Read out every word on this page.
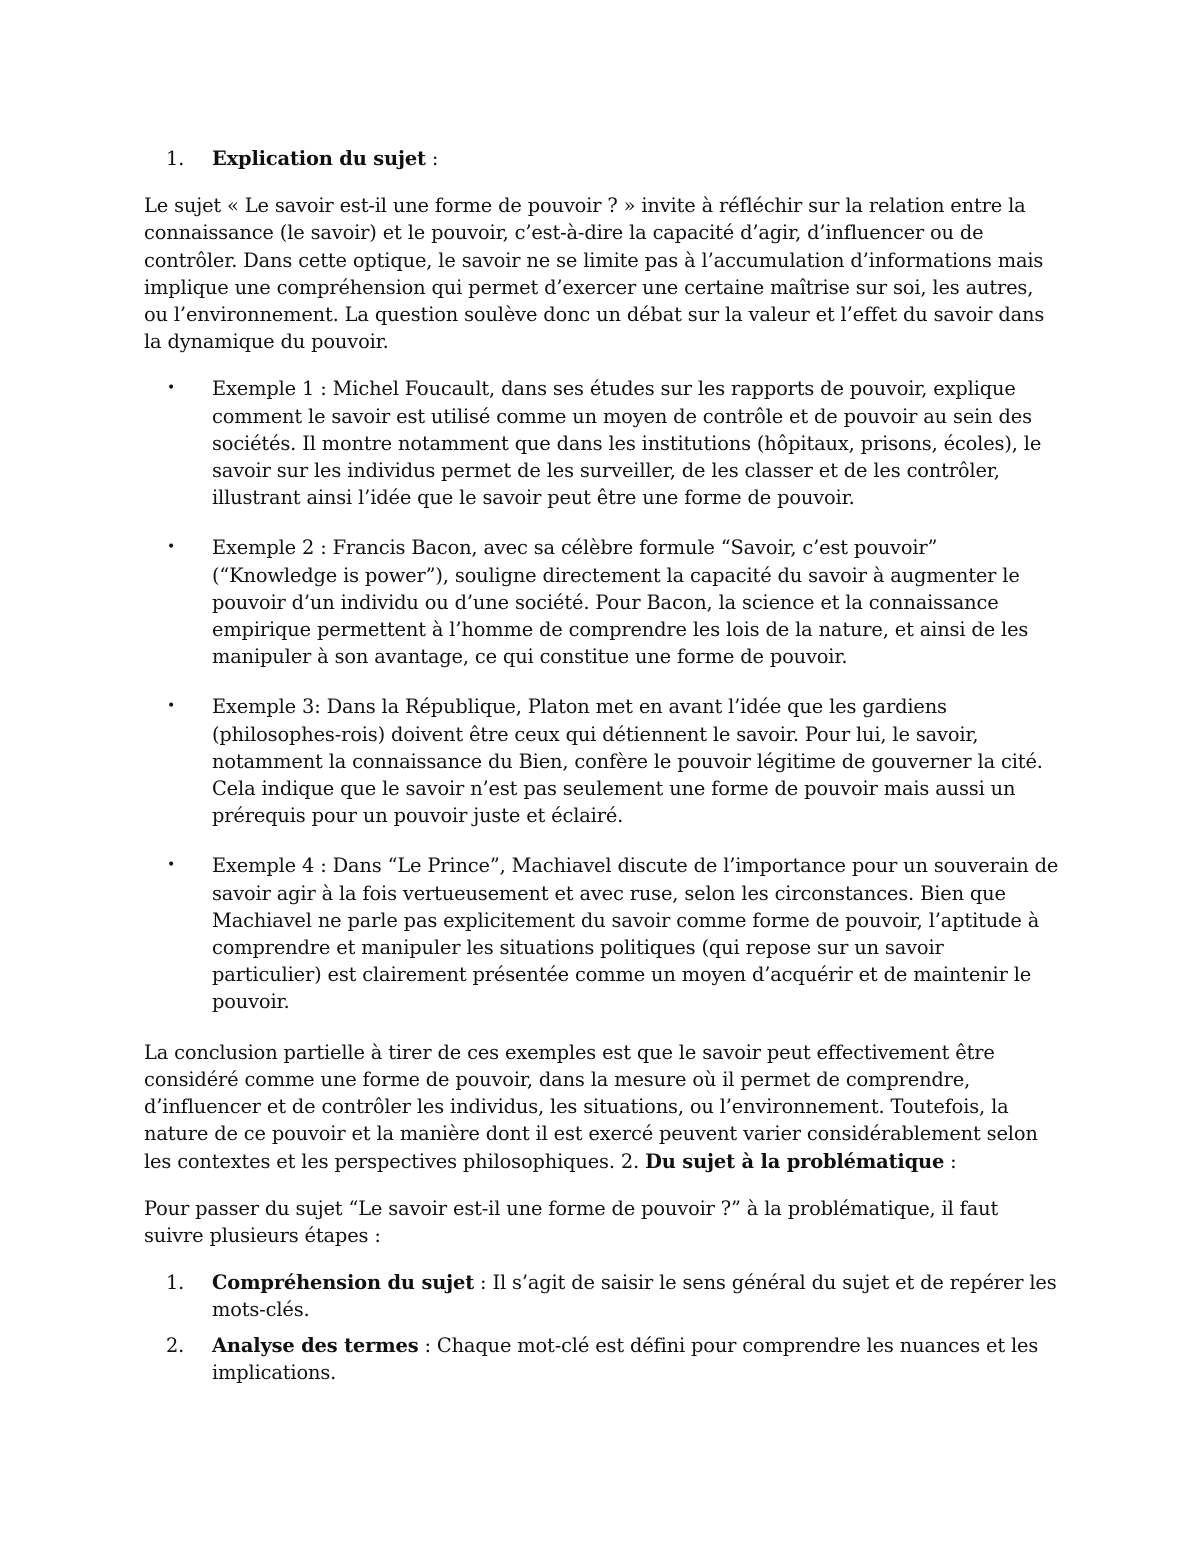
1. Explication du sujet :

Le sujet « Le savoir est-il une forme de pouvoir ? » invite à réfléchir sur la relation entre la connaissance (le savoir) et le pouvoir, c’est-à-dire la capacité d’agir, d’influencer ou de contrôler. Dans cette optique, le savoir ne se limite pas à l’accumulation d’informations mais implique une compréhension qui permet d’exercer une certaine maîtrise sur soi, les autres, ou l’environnement. La question soulève donc un débat sur la valeur et l’effet du savoir dans la dynamique du pouvoir.

• Exemple 1 : Michel Foucault, dans ses études sur les rapports de pouvoir, explique comment le savoir est utilisé comme un moyen de contrôle et de pouvoir au sein des sociétés. Il montre notamment que dans les institutions (hôpitaux, prisons, écoles), le savoir sur les individus permet de les surveiller, de les classer et de les contrôler, illustrant ainsi l’idée que le savoir peut être une forme de pouvoir.
• Exemple 2 : Francis Bacon, avec sa célèbre formule “Savoir, c’est pouvoir” (“Knowledge is power”), souligne directement la capacité du savoir à augmenter le pouvoir d’un individu ou d’une société. Pour Bacon, la science et la connaissance empirique permettent à l’homme de comprendre les lois de la nature, et ainsi de les manipuler à son avantage, ce qui constitue une forme de pouvoir.
• Exemple 3: Dans la République, Platon met en avant l’idée que les gardiens (philosophes-rois) doivent être ceux qui détiennent le savoir. Pour lui, le savoir, notamment la connaissance du Bien, confère le pouvoir légitime de gouverner la cité. Cela indique que le savoir n’est pas seulement une forme de pouvoir mais aussi un prérequis pour un pouvoir juste et éclairé.
• Exemple 4 : Dans “Le Prince”, Machiavel discute de l’importance pour un souverain de savoir agir à la fois vertueusement et avec ruse, selon les circonstances. Bien que Machiavel ne parle pas explicitement du savoir comme forme de pouvoir, l’aptitude à comprendre et manipuler les situations politiques (qui repose sur un savoir particulier) est clairement présentée comme un moyen d’acquérir et de maintenir le pouvoir.

La conclusion partielle à tirer de ces exemples est que le savoir peut effectivement être considéré comme une forme de pouvoir, dans la mesure où il permet de comprendre, d’influencer et de contrôler les individus, les situations, ou l’environnement. Toutefois, la nature de ce pouvoir et la manière dont il est exercé peuvent varier considérablement selon les contextes et les perspectives philosophiques. 2. Du sujet à la problématique :

Pour passer du sujet “Le savoir est-il une forme de pouvoir ?” à la problématique, il faut suivre plusieurs étapes :

1. Compréhension du sujet : Il s’agit de saisir le sens général du sujet et de repérer les mots-clés.
2. Analyse des termes : Chaque mot-clé est défini pour comprendre les nuances et les implications.
